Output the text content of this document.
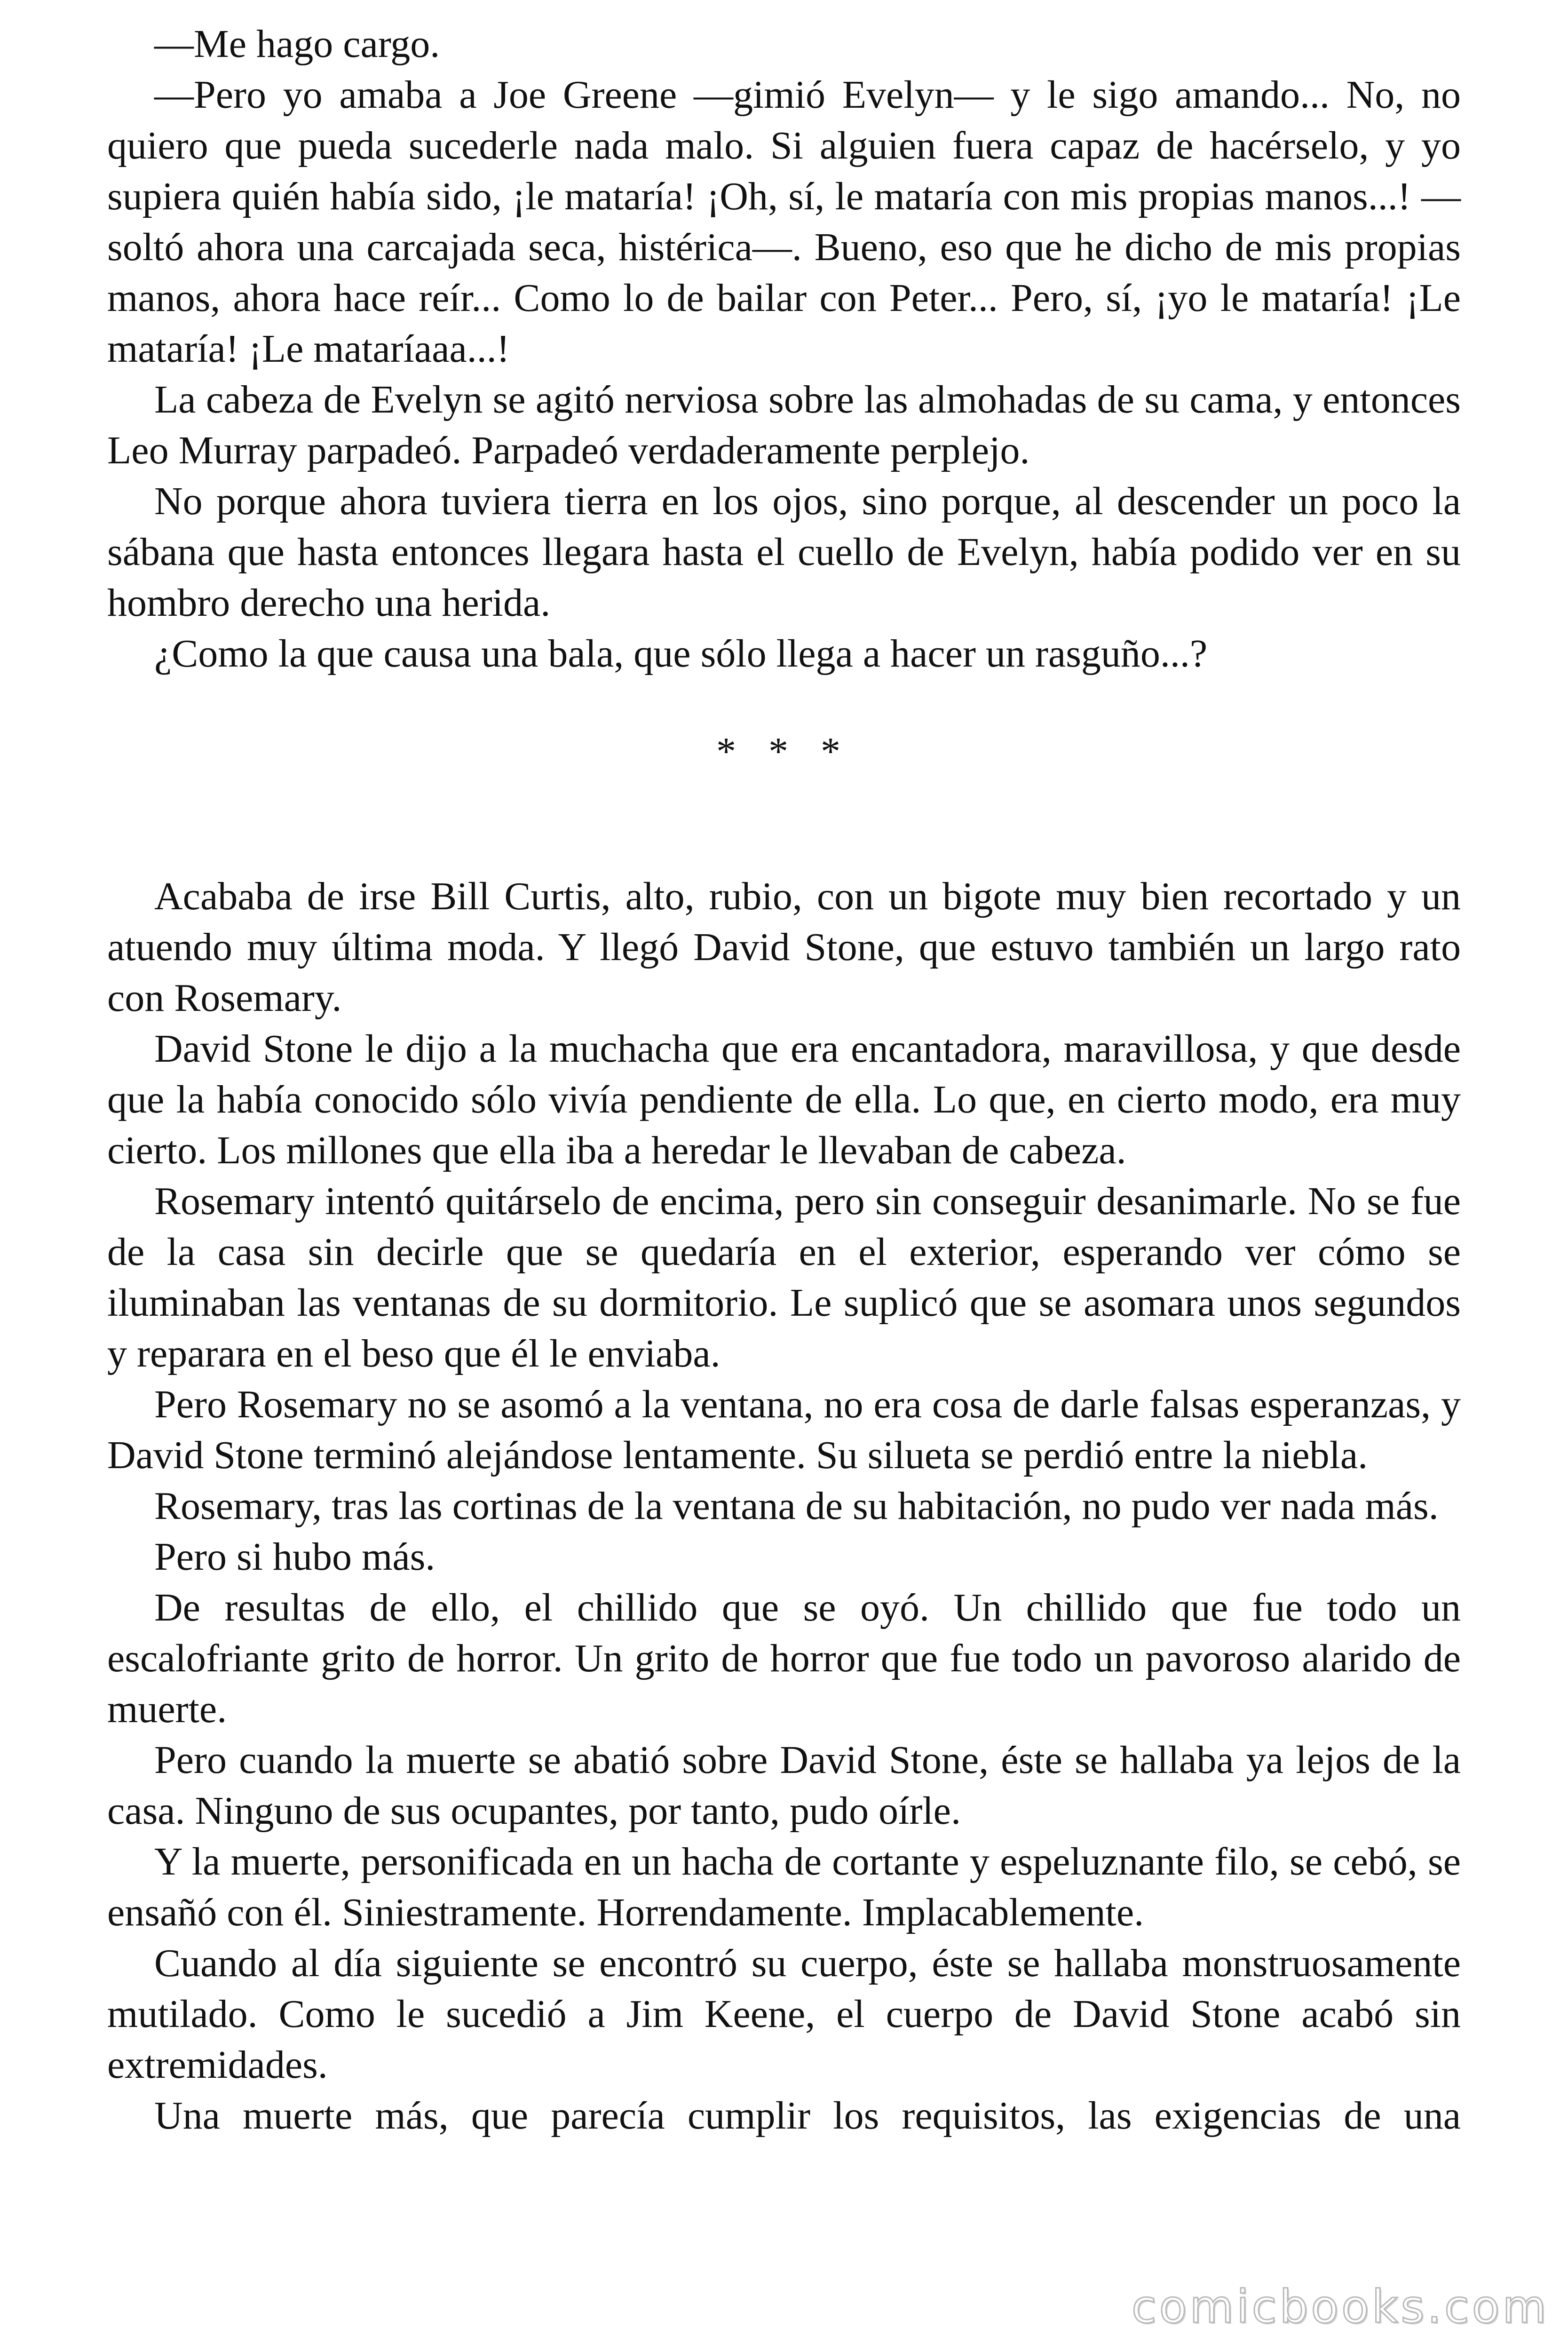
—Me hago cargo.

—Pero yo amaba a Joe Greene —gimió Evelyn— y le sigo amando... No, no quiero que pueda sucederle nada malo. Si alguien fuera capaz de hacérselo, y yo supiera quién había sido, ¡le mataría! ¡Oh, sí, le mataría con mis propias manos...! —soltó ahora una carcajada seca, histérica—. Bueno, eso que he dicho de mis propias manos, ahora hace reír... Como lo de bailar con Peter... Pero, sí, ¡yo le mataría! ¡Le mataría! ¡Le mataríaaa...!

La cabeza de Evelyn se agitó nerviosa sobre las almohadas de su cama, y entonces Leo Murray parpadeó. Parpadeó verdaderamente perplejo.

No porque ahora tuviera tierra en los ojos, sino porque, al descender un poco la sábana que hasta entonces llegara hasta el cuello de Evelyn, había podido ver en su hombro derecho una herida.

¿Como la que causa una bala, que sólo llega a hacer un rasguño...?

* * *

Acababa de irse Bill Curtis, alto, rubio, con un bigote muy bien recortado y un atuendo muy última moda. Y llegó David Stone, que estuvo también un largo rato con Rosemary.

David Stone le dijo a la muchacha que era encantadora, maravillosa, y que desde que la había conocido sólo vivía pendiente de ella. Lo que, en cierto modo, era muy cierto. Los millones que ella iba a heredar le llevaban de cabeza.

Rosemary intentó quitárselo de encima, pero sin conseguir desanimarle. No se fue de la casa sin decirle que se quedaría en el exterior, esperando ver cómo se iluminaban las ventanas de su dormitorio. Le suplicó que se asomara unos segundos y reparara en el beso que él le enviaba.

Pero Rosemary no se asomó a la ventana, no era cosa de darle falsas esperanzas, y David Stone terminó alejándose lentamente. Su silueta se perdió entre la niebla.

Rosemary, tras las cortinas de la ventana de su habitación, no pudo ver nada más.

Pero si hubo más.

De resultas de ello, el chillido que se oyó. Un chillido que fue todo un escalofriante grito de horror. Un grito de horror que fue todo un pavoroso alarido de muerte.

Pero cuando la muerte se abatió sobre David Stone, éste se hallaba ya lejos de la casa. Ninguno de sus ocupantes, por tanto, pudo oírle.

Y la muerte, personificada en un hacha de cortante y espeluznante filo, se cebó, se ensañó con él. Siniestramente. Horrendamente. Implacablemente.

Cuando al día siguiente se encontró su cuerpo, éste se hallaba monstruosamente mutilado. Como le sucedió a Jim Keene, el cuerpo de David Stone acabó sin extremidades.

Una muerte más, que parecía cumplir los requisitos, las exigencias de una

comicbooks.com
